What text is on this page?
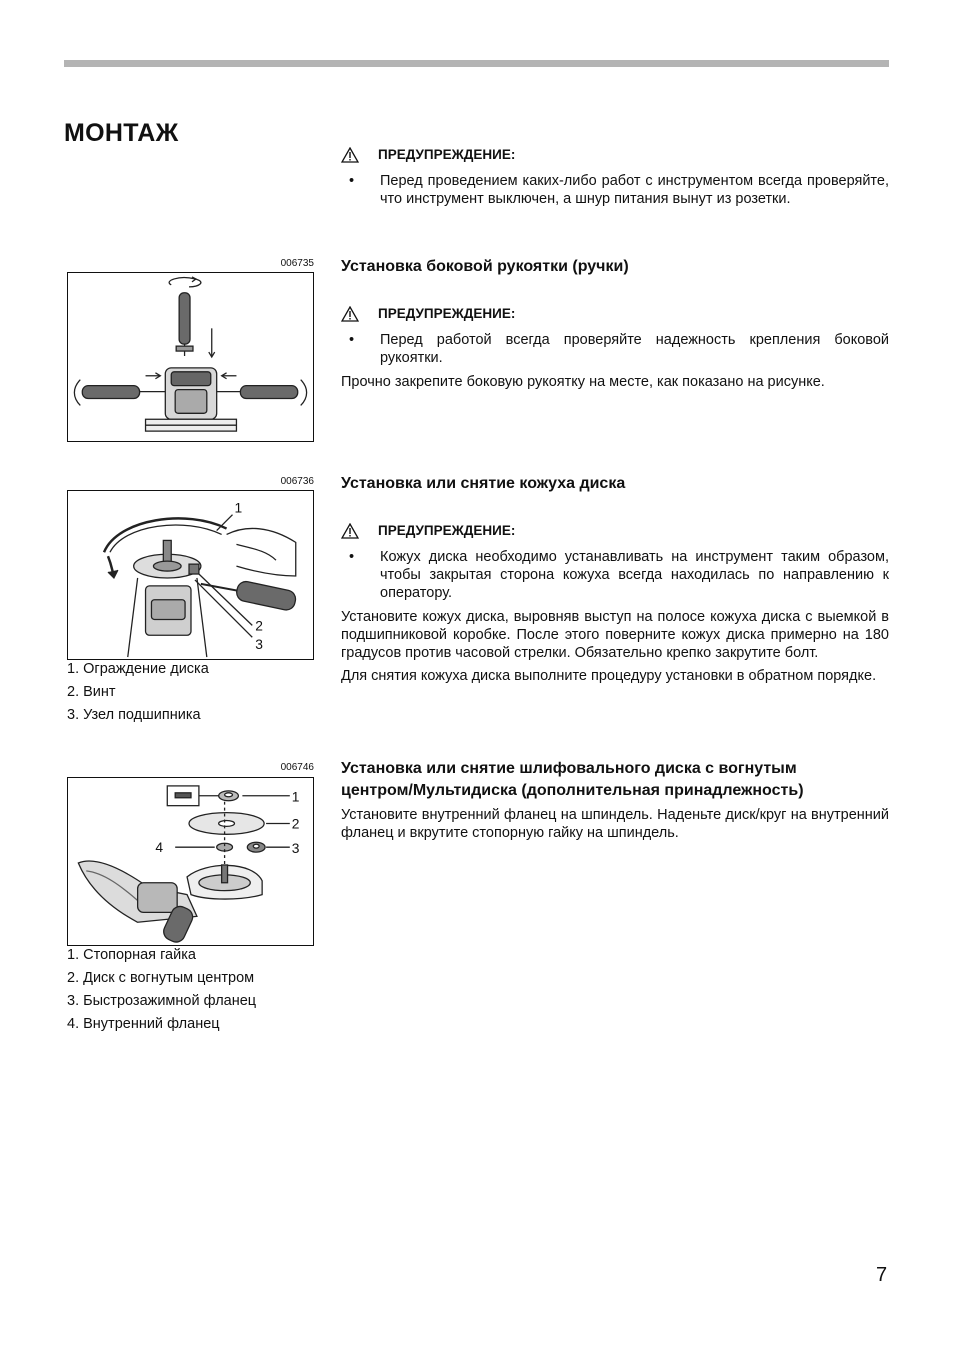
МОНТАЖ
ПРЕДУПРЕЖДЕНИЕ:
•	Перед проведением каких-либо работ с инструментом всегда проверяйте, что инструмент выключен, а шнур питания вынут из розетки.
006735 Установка боковой рукоятки (ручки)
ПРЕДУПРЕЖДЕНИЕ:
•	Перед работой всегда проверяйте надежность крепления боковой рукоятки.
Прочно закрепите боковую рукоятку на месте, как показано на рисунке.
006736
1
2
3
1. Ограждение диска
2. Винт
3. Узел подшипника
Установка или снятие кожуха диска
ПРЕДУПРЕЖДЕНИЕ:
•	Кожух диска необходимо устанавливать на инструмент таким образом, чтобы закрытая сторона кожуха всегда находилась по направлению к оператору.
Установите кожух диска, выровняв выступ на полосе кожуха диска с выемкой в подшипниковой коробке. После этого поверните кожух диска примерно на 180 градусов против часовой стрелки. Обязательно крепко закрутите болт.
Для снятия кожуха диска выполните процедуру установки в обратном порядке.
006746
1
2
3
4
1. Стопорная гайка
2. Диск с вогнутым центром
3. Быстрозажимной фланец
4. Внутренний фланец
Установка или снятие шлифовального диска с вогнутым
центром/Мультидиска (дополнительная принадлежность)
Установите внутренний фланец на шпиндель. Наденьте диск/круг на внутренний фланец и вкрутите стопорную гайку на шпиндель.
7
